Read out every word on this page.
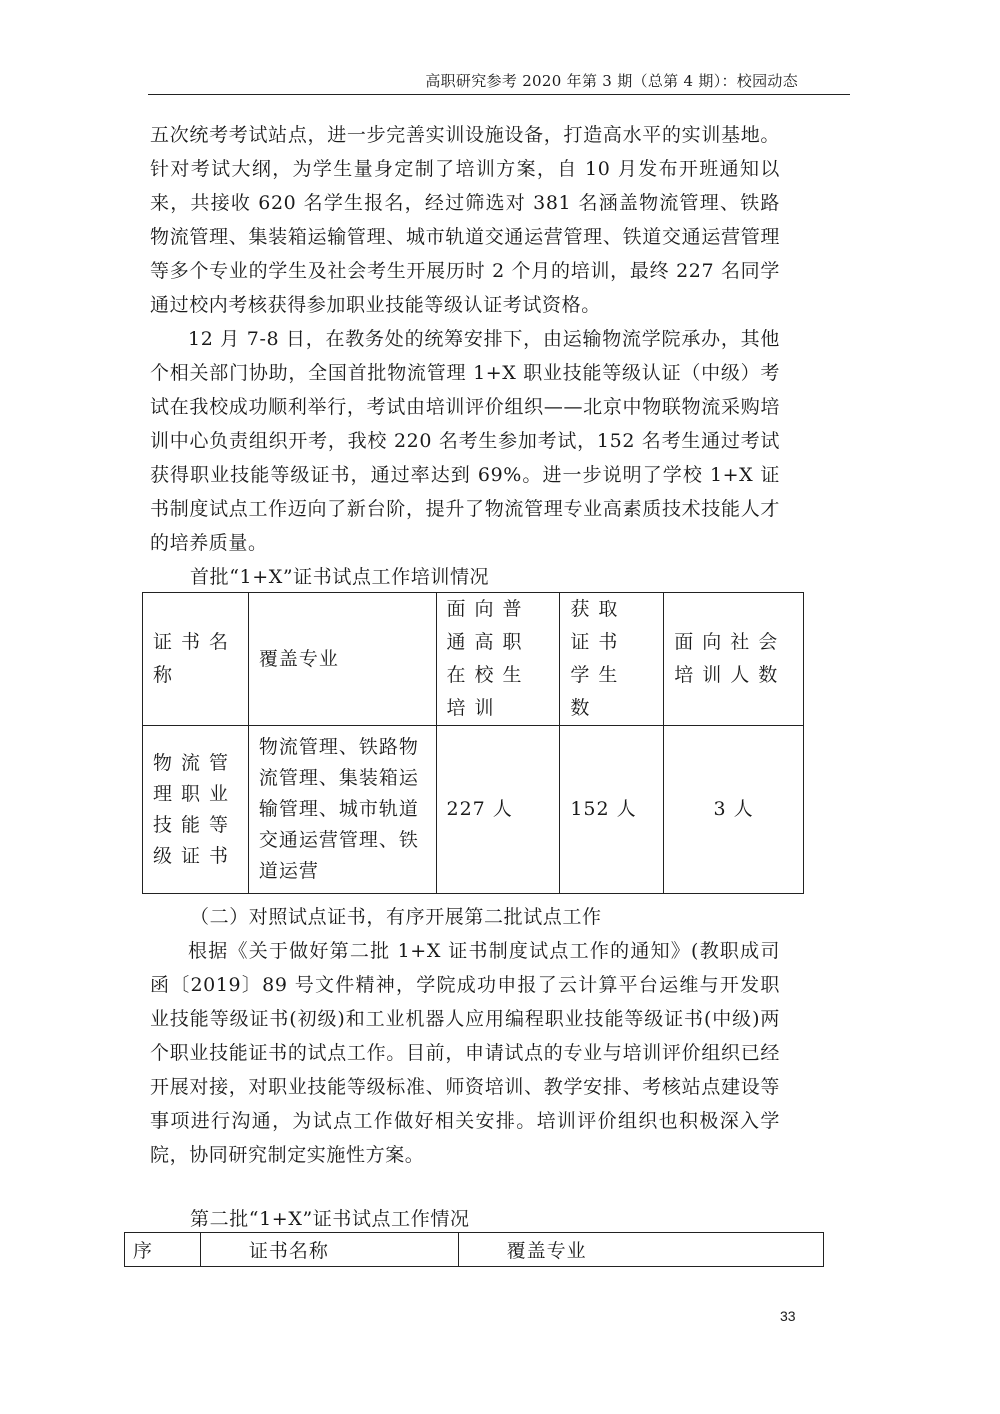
高职研究参考 2020 年第 3 期（总第 4 期）：校园动态

五次统考考试站点，进一步完善实训设施设备，打造高水平的实训基地。针对考试大纲，为学生量身定制了培训方案，自 10 月发布开班通知以来，共接收 620 名学生报名，经过筛选对 381 名涵盖物流管理、铁路物流管理、集装箱运输管理、城市轨道交通运营管理、铁道交通运营管理等多个专业的学生及社会考生开展历时 2 个月的培训，最终 227 名同学通过校内考核获得参加职业技能等级认证考试资格。

12 月 7-8 日，在教务处的统筹安排下，由运输物流学院承办，其他个相关部门协助，全国首批物流管理 1+X 职业技能等级认证（中级）考试在我校成功顺利举行，考试由培训评价组织——北京中物联物流采购培训中心负责组织开考，我校 220 名考生参加考试，152 名考生通过考试获得职业技能等级证书，通过率达到 69%。进一步说明了学校 1+X 证书制度试点工作迈向了新台阶，提升了物流管理专业高素质技术技能人才的培养质量。

首批“1+X”证书试点工作培训情况
证书名称	覆盖专业	面向普通高职在校生培训	获取证书学生数	面向社会培训人数
物流管理职业技能等级证书	物流管理、铁路物流管理、集装箱运输管理、城市轨道交通运营管理、铁道运营	227 人	152 人	3 人
（二）对照试点证书，有序开展第二批试点工作

根据《关于做好第二批 1+X 证书制度试点工作的通知》(教职成司函〔2019〕89 号文件精神，学院成功申报了云计算平台运维与开发职业技能等级证书(初级)和工业机器人应用编程职业技能等级证书(中级)两个职业技能证书的试点工作。目前，申请试点的专业与培训评价组织已经开展对接，对职业技能等级标准、师资培训、教学安排、考核站点建设等事项进行沟通，为试点工作做好相关安排。培训评价组织也积极深入学院，协同研究制定实施性方案。

第二批“1+X”证书试点工作情况
序	证书名称	覆盖专业
33
